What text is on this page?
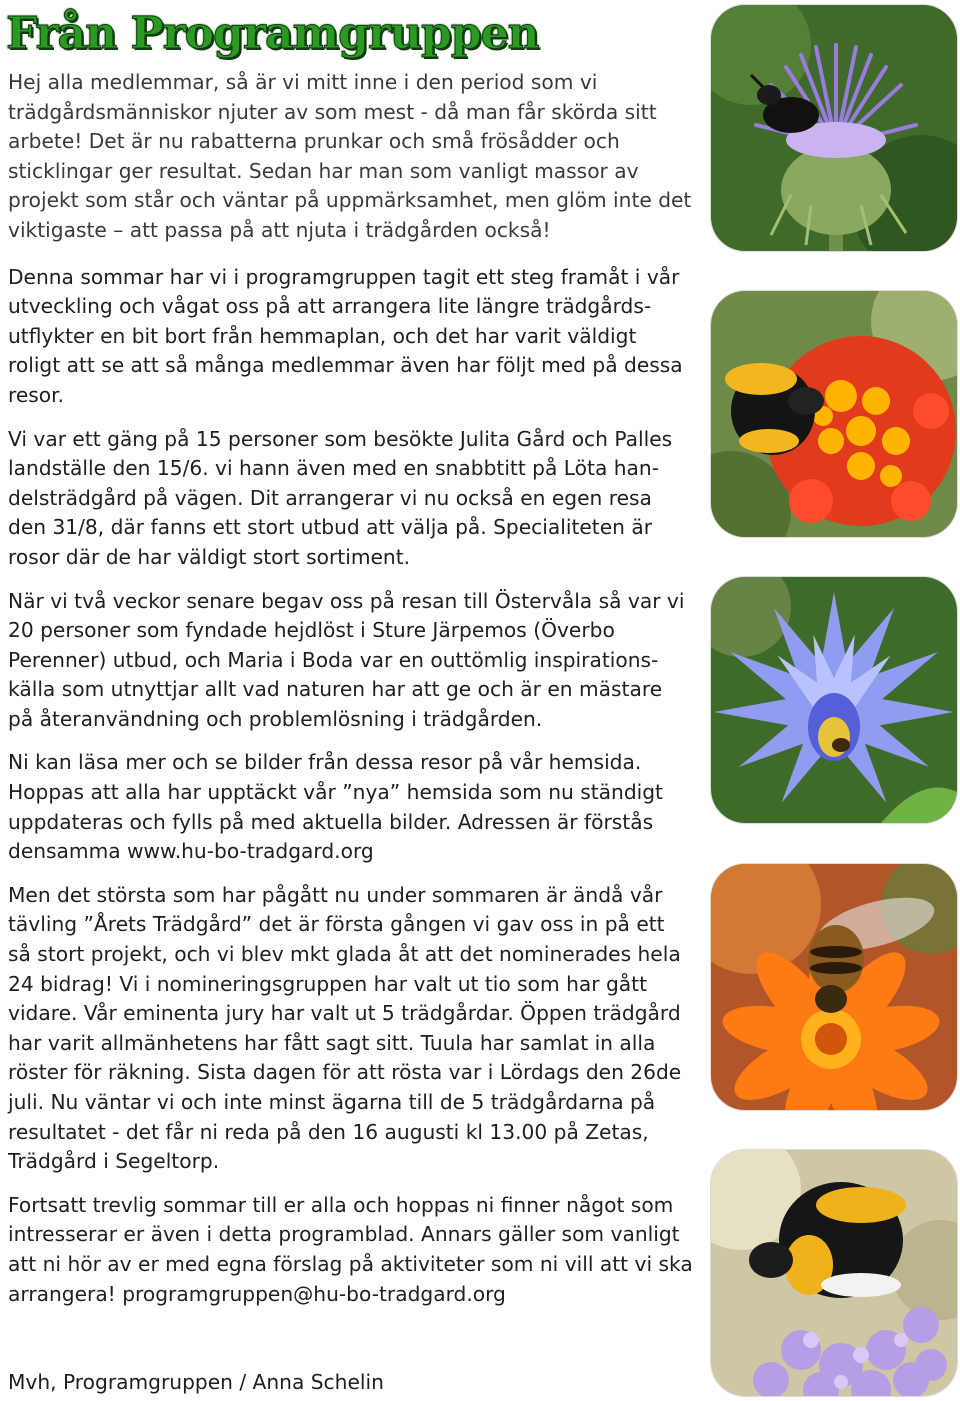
Från Programgruppen

Hej alla medlemmar, så är vi mitt inne i den period som vi trädgårdsmänniskor njuter av som mest - då man får skörda sitt arbete! Det är nu rabatterna prunkar och små frösådder och sticklingar ger resultat. Sedan har man som vanligt massor av projekt som står och väntar på uppmärksamhet, men glöm inte det viktigaste – att passa på att njuta i trädgården också!

Denna sommar har vi i programgruppen tagit ett steg framåt i vår utveckling och vågat oss på att arrangera lite längre trädgårds-utflykter en bit bort från hemmaplan, och det har varit väldigt roligt att se att så många medlemmar även har följt med på dessa resor.

Vi var ett gäng på 15 personer som besökte Julita Gård och Palles landställe den 15/6. vi hann även med en snabbtitt på Löta han-delsträdgård på vägen. Dit arrangerar vi nu också en egen resa den 31/8, där fanns ett stort utbud att välja på. Specialiteten är rosor där de har väldigt stort sortiment.

När vi två veckor senare begav oss på resan till Östervåla så var vi 20 personer som fyndade hejdlöst i Sture Järpemos (Överbo Perenner) utbud, och Maria i Boda var en outtömlig inspirations-källa som utnyttjar allt vad naturen har att ge och är en mästare på återanvändning och problemlösning i trädgården.

Ni kan läsa mer och se bilder från dessa resor på vår hemsida. Hoppas att alla har upptäckt vår ”nya” hemsida som nu ständigt uppdateras och fylls på med aktuella bilder. Adressen är förstås densamma www.hu-bo-tradgard.org

Men det största som har pågått nu under sommaren är ändå vår tävling ”Årets Trädgård” det är första gången vi gav oss in på ett så stort projekt, och vi blev mkt glada åt att det nominerades hela 24 bidrag! Vi i nomineringsgruppen har valt ut tio som har gått vidare. Vår eminenta jury har valt ut 5 trädgårdar. Öppen trädgård har varit allmänhetens har fått sagt sitt. Tuula har samlat in alla röster för räkning. Sista dagen för att rösta var i Lördags den 26de juli. Nu väntar vi och inte minst ägarna till de 5 trädgårdarna på resultatet - det får ni reda på den 16 augusti kl 13.00 på Zetas, Trädgård i Segeltorp.

Fortsatt trevlig sommar till er alla och hoppas ni finner något som intresserar er även i detta programblad. Annars gäller som vanligt att ni hör av er med egna förslag på aktiviteter som ni vill att vi ska arrangera! programgruppen@hu-bo-tradgard.org

Mvh, Programgruppen / Anna Schelin
